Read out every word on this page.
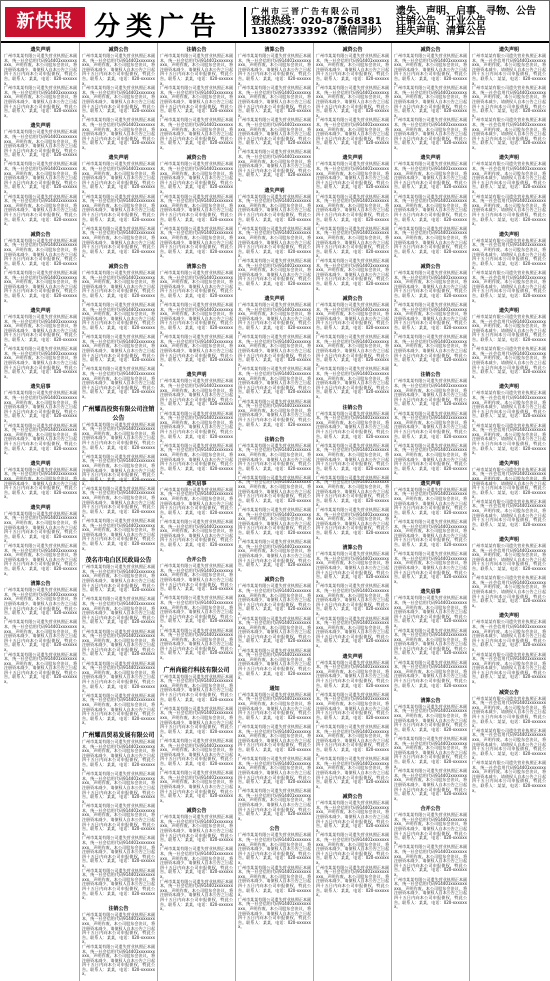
新快报 分类广告
广州市三晋广告有限公司
登报热线：020-87568381
13802733392（微信同步）
遗失、声明、启事、寻物、公告
注销公告、开业公告
挂失声明、清算公告
遗失声明
广州市某某有限公司遗失营业执照正本副本，统一社会信用代码914401xxxxxxxxxx，声明作废。本公司股东会决议，将注册资本减少，请债权人自本公告之日起四十五日内向本公司申报债权，特此公告。联系人：某某，电话：020-xxxxxxx。
广州市某某有限公司遗失营业执照正本副本，统一社会信用代码914401xxxxxxxxxx，声明作废。本公司股东会决议，将注册资本减少，请债权人自本公告之日起四十五日内向本公司申报债权，特此公告。联系人：某某，电话：020-xxxxxxx。
遗失声明
广州市某某有限公司遗失营业执照正本副本，统一社会信用代码914401xxxxxxxxxx，声明作废。本公司股东会决议，将注册资本减少，请债权人自本公告之日起四十五日内向本公司申报债权，特此公告。联系人：某某，电话：020-xxxxxxx。
广州市某某有限公司遗失营业执照正本副本，统一社会信用代码914401xxxxxxxxxx，声明作废。本公司股东会决议，将注册资本减少，请债权人自本公告之日起四十五日内向本公司申报债权，特此公告。联系人：某某，电话：020-xxxxxxx。
广州市某某有限公司遗失营业执照正本副本，统一社会信用代码914401xxxxxxxxxx，声明作废。本公司股东会决议，将注册资本减少，请债权人自本公告之日起四十五日内向本公司申报债权，特此公告。联系人：某某，电话：020-xxxxxxx。
减资公告
广州市某某有限公司遗失营业执照正本副本，统一社会信用代码914401xxxxxxxxxx，声明作废。本公司股东会决议，将注册资本减少，请债权人自本公告之日起四十五日内向本公司申报债权，特此公告。联系人：某某，电话：020-xxxxxxx。
广州市某某有限公司遗失营业执照正本副本，统一社会信用代码914401xxxxxxxxxx，声明作废。本公司股东会决议，将注册资本减少，请债权人自本公告之日起四十五日内向本公司申报债权，特此公告。联系人：某某，电话：020-xxxxxxx。
遗失声明
广州市某某有限公司遗失营业执照正本副本，统一社会信用代码914401xxxxxxxxxx，声明作废。本公司股东会决议，将注册资本减少，请债权人自本公告之日起四十五日内向本公司申报债权，特此公告。联系人：某某，电话：020-xxxxxxx。
广州市某某有限公司遗失营业执照正本副本，统一社会信用代码914401xxxxxxxxxx，声明作废。本公司股东会决议，将注册资本减少，请债权人自本公告之日起四十五日内向本公司申报债权，特此公告。联系人：某某，电话：020-xxxxxxx。
遗失启事
广州市某某有限公司遗失营业执照正本副本，统一社会信用代码914401xxxxxxxxxx，声明作废。本公司股东会决议，将注册资本减少，请债权人自本公告之日起四十五日内向本公司申报债权，特此公告。联系人：某某，电话：020-xxxxxxx。
广州市某某有限公司遗失营业执照正本副本，统一社会信用代码914401xxxxxxxxxx，声明作废。本公司股东会决议，将注册资本减少，请债权人自本公告之日起四十五日内向本公司申报债权，特此公告。联系人：某某，电话：020-xxxxxxx。
遗失声明
广州市某某有限公司遗失营业执照正本副本，统一社会信用代码914401xxxxxxxxxx，声明作废。本公司股东会决议，将注册资本减少，请债权人自本公告之日起四十五日内向本公司申报债权，特此公告。联系人：某某，电话：020-xxxxxxx。
遗失声明
广州市某某有限公司遗失营业执照正本副本，统一社会信用代码914401xxxxxxxxxx，声明作废。本公司股东会决议，将注册资本减少，请债权人自本公告之日起四十五日内向本公司申报债权，特此公告。联系人：某某，电话：020-xxxxxxx。
广州市某某有限公司遗失营业执照正本副本，统一社会信用代码914401xxxxxxxxxx，声明作废。本公司股东会决议，将注册资本减少，请债权人自本公告之日起四十五日内向本公司申报债权，特此公告。联系人：某某，电话：020-xxxxxxx。
清算公告
广州市某某有限公司遗失营业执照正本副本，统一社会信用代码914401xxxxxxxxxx，声明作废。本公司股东会决议，将注册资本减少，请债权人自本公告之日起四十五日内向本公司申报债权，特此公告。联系人：某某，电话：020-xxxxxxx。
广州市某某有限公司遗失营业执照正本副本，统一社会信用代码914401xxxxxxxxxx，声明作废。本公司股东会决议，将注册资本减少，请债权人自本公告之日起四十五日内向本公司申报债权，特此公告。联系人：某某，电话：020-xxxxxxx。
广州市某某有限公司遗失营业执照正本副本，统一社会信用代码914401xxxxxxxxxx，声明作废。本公司股东会决议，将注册资本减少，请债权人自本公告之日起四十五日内向本公司申报债权，特此公告。联系人：某某，电话：020-xxxxxxx。
减资公告
广州市某某有限公司遗失营业执照正本副本，统一社会信用代码914401xxxxxxxxxx，声明作废。本公司股东会决议，将注册资本减少，请债权人自本公告之日起四十五日内向本公司申报债权，特此公告。联系人：某某，电话：020-xxxxxxx。
广州市某某有限公司遗失营业执照正本副本，统一社会信用代码914401xxxxxxxxxx，声明作废。本公司股东会决议，将注册资本减少，请债权人自本公告之日起四十五日内向本公司申报债权，特此公告。联系人：某某，电话：020-xxxxxxx。
广州市某某有限公司遗失营业执照正本副本，统一社会信用代码914401xxxxxxxxxx，声明作废。本公司股东会决议，将注册资本减少，请债权人自本公告之日起四十五日内向本公司申报债权，特此公告。联系人：某某，电话：020-xxxxxxx。
遗失声明
广州市某某有限公司遗失营业执照正本副本，统一社会信用代码914401xxxxxxxxxx，声明作废。本公司股东会决议，将注册资本减少，请债权人自本公告之日起四十五日内向本公司申报债权，特此公告。联系人：某某，电话：020-xxxxxxx。
广州市某某有限公司遗失营业执照正本副本，统一社会信用代码914401xxxxxxxxxx，声明作废。本公司股东会决议，将注册资本减少，请债权人自本公告之日起四十五日内向本公司申报债权，特此公告。联系人：某某，电话：020-xxxxxxx。
广州市某某有限公司遗失营业执照正本副本，统一社会信用代码914401xxxxxxxxxx，声明作废。本公司股东会决议，将注册资本减少，请债权人自本公告之日起四十五日内向本公司申报债权，特此公告。联系人：某某，电话：020-xxxxxxx。
减资公告
广州市某某有限公司遗失营业执照正本副本，统一社会信用代码914401xxxxxxxxxx，声明作废。本公司股东会决议，将注册资本减少，请债权人自本公告之日起四十五日内向本公司申报债权，特此公告。联系人：某某，电话：020-xxxxxxx。
广州市某某有限公司遗失营业执照正本副本，统一社会信用代码914401xxxxxxxxxx，声明作废。本公司股东会决议，将注册资本减少，请债权人自本公告之日起四十五日内向本公司申报债权，特此公告。联系人：某某，电话：020-xxxxxxx。
广州市某某有限公司遗失营业执照正本副本，统一社会信用代码914401xxxxxxxxxx，声明作废。本公司股东会决议，将注册资本减少，请债权人自本公告之日起四十五日内向本公司申报债权，特此公告。联系人：某某，电话：020-xxxxxxx。
广州市某某有限公司遗失营业执照正本副本，统一社会信用代码914401xxxxxxxxxx，声明作废。本公司股东会决议，将注册资本减少，请债权人自本公告之日起四十五日内向本公司申报债权，特此公告。联系人：某某，电话：020-xxxxxxx。
广州耀昌投资有限公司注销公告
广州市某某有限公司遗失营业执照正本副本，统一社会信用代码914401xxxxxxxxxx，声明作废。本公司股东会决议，将注册资本减少，请债权人自本公告之日起四十五日内向本公司申报债权，特此公告。联系人：某某，电话：020-xxxxxxx。
广州市某某有限公司遗失营业执照正本副本，统一社会信用代码914401xxxxxxxxxx，声明作废。本公司股东会决议，将注册资本减少，请债权人自本公告之日起四十五日内向本公司申报债权，特此公告。联系人：某某，电话：020-xxxxxxx。
广州市某某有限公司遗失营业执照正本副本，统一社会信用代码914401xxxxxxxxxx，声明作废。本公司股东会决议，将注册资本减少，请债权人自本公告之日起四十五日内向本公司申报债权，特此公告。联系人：某某，电话：020-xxxxxxx。
广州市某某有限公司遗失营业执照正本副本，统一社会信用代码914401xxxxxxxxxx，声明作废。本公司股东会决议，将注册资本减少，请债权人自本公告之日起四十五日内向本公司申报债权，特此公告。联系人：某某，电话：020-xxxxxxx。
茂名市电白区民政局公告
广州市某某有限公司遗失营业执照正本副本，统一社会信用代码914401xxxxxxxxxx，声明作废。本公司股东会决议，将注册资本减少，请债权人自本公告之日起四十五日内向本公司申报债权，特此公告。联系人：某某，电话：020-xxxxxxx。
广州市某某有限公司遗失营业执照正本副本，统一社会信用代码914401xxxxxxxxxx，声明作废。本公司股东会决议，将注册资本减少，请债权人自本公告之日起四十五日内向本公司申报债权，特此公告。联系人：某某，电话：020-xxxxxxx。
广州市某某有限公司遗失营业执照正本副本，统一社会信用代码914401xxxxxxxxxx，声明作废。本公司股东会决议，将注册资本减少，请债权人自本公告之日起四十五日内向本公司申报债权，特此公告。联系人：某某，电话：020-xxxxxxx。
广州市某某有限公司遗失营业执照正本副本，统一社会信用代码914401xxxxxxxxxx，声明作废。本公司股东会决议，将注册资本减少，请债权人自本公告之日起四十五日内向本公司申报债权，特此公告。联系人：某某，电话：020-xxxxxxx。
广州市某某有限公司遗失营业执照正本副本，统一社会信用代码914401xxxxxxxxxx，声明作废。本公司股东会决议，将注册资本减少，请债权人自本公告之日起四十五日内向本公司申报债权，特此公告。联系人：某某，电话：020-xxxxxxx。
广州耀昌贸易发展有限公司
广州市某某有限公司遗失营业执照正本副本，统一社会信用代码914401xxxxxxxxxx，声明作废。本公司股东会决议，将注册资本减少，请债权人自本公告之日起四十五日内向本公司申报债权，特此公告。联系人：某某，电话：020-xxxxxxx。
广州市某某有限公司遗失营业执照正本副本，统一社会信用代码914401xxxxxxxxxx，声明作废。本公司股东会决议，将注册资本减少，请债权人自本公告之日起四十五日内向本公司申报债权，特此公告。联系人：某某，电话：020-xxxxxxx。
广州市某某有限公司遗失营业执照正本副本，统一社会信用代码914401xxxxxxxxxx，声明作废。本公司股东会决议，将注册资本减少，请债权人自本公告之日起四十五日内向本公司申报债权，特此公告。联系人：某某，电话：020-xxxxxxx。
广州市某某有限公司遗失营业执照正本副本，统一社会信用代码914401xxxxxxxxxx，声明作废。本公司股东会决议，将注册资本减少，请债权人自本公告之日起四十五日内向本公司申报债权，特此公告。联系人：某某，电话：020-xxxxxxx。
广州市某某有限公司遗失营业执照正本副本，统一社会信用代码914401xxxxxxxxxx，声明作废。本公司股东会决议，将注册资本减少，请债权人自本公告之日起四十五日内向本公司申报债权，特此公告。联系人：某某，电话：020-xxxxxxx。
注销公告
广州市某某有限公司遗失营业执照正本副本，统一社会信用代码914401xxxxxxxxxx，声明作废。本公司股东会决议，将注册资本减少，请债权人自本公告之日起四十五日内向本公司申报债权，特此公告。联系人：某某，电话：020-xxxxxxx。
广州市某某有限公司遗失营业执照正本副本，统一社会信用代码914401xxxxxxxxxx，声明作废。本公司股东会决议，将注册资本减少，请债权人自本公告之日起四十五日内向本公司申报债权，特此公告。联系人：某某，电话：020-xxxxxxx。
注销公告
广州市某某有限公司遗失营业执照正本副本，统一社会信用代码914401xxxxxxxxxx，声明作废。本公司股东会决议，将注册资本减少，请债权人自本公告之日起四十五日内向本公司申报债权，特此公告。联系人：某某，电话：020-xxxxxxx。
广州市某某有限公司遗失营业执照正本副本，统一社会信用代码914401xxxxxxxxxx，声明作废。本公司股东会决议，将注册资本减少，请债权人自本公告之日起四十五日内向本公司申报债权，特此公告。联系人：某某，电话：020-xxxxxxx。
广州市某某有限公司遗失营业执照正本副本，统一社会信用代码914401xxxxxxxxxx，声明作废。本公司股东会决议，将注册资本减少，请债权人自本公告之日起四十五日内向本公司申报债权，特此公告。联系人：某某，电话：020-xxxxxxx。
减资公告
广州市某某有限公司遗失营业执照正本副本，统一社会信用代码914401xxxxxxxxxx，声明作废。本公司股东会决议，将注册资本减少，请债权人自本公告之日起四十五日内向本公司申报债权，特此公告。联系人：某某，电话：020-xxxxxxx。
广州市某某有限公司遗失营业执照正本副本，统一社会信用代码914401xxxxxxxxxx，声明作废。本公司股东会决议，将注册资本减少，请债权人自本公告之日起四十五日内向本公司申报债权，特此公告。联系人：某某，电话：020-xxxxxxx。
广州市某某有限公司遗失营业执照正本副本，统一社会信用代码914401xxxxxxxxxx，声明作废。本公司股东会决议，将注册资本减少，请债权人自本公告之日起四十五日内向本公司申报债权，特此公告。联系人：某某，电话：020-xxxxxxx。
清算公告
广州市某某有限公司遗失营业执照正本副本，统一社会信用代码914401xxxxxxxxxx，声明作废。本公司股东会决议，将注册资本减少，请债权人自本公告之日起四十五日内向本公司申报债权，特此公告。联系人：某某，电话：020-xxxxxxx。
广州市某某有限公司遗失营业执照正本副本，统一社会信用代码914401xxxxxxxxxx，声明作废。本公司股东会决议，将注册资本减少，请债权人自本公告之日起四十五日内向本公司申报债权，特此公告。联系人：某某，电话：020-xxxxxxx。
广州市某某有限公司遗失营业执照正本副本，统一社会信用代码914401xxxxxxxxxx，声明作废。本公司股东会决议，将注册资本减少，请债权人自本公告之日起四十五日内向本公司申报债权，特此公告。联系人：某某，电话：020-xxxxxxx。
遗失声明
广州市某某有限公司遗失营业执照正本副本，统一社会信用代码914401xxxxxxxxxx，声明作废。本公司股东会决议，将注册资本减少，请债权人自本公告之日起四十五日内向本公司申报债权，特此公告。联系人：某某，电话：020-xxxxxxx。
广州市某某有限公司遗失营业执照正本副本，统一社会信用代码914401xxxxxxxxxx，声明作废。本公司股东会决议，将注册资本减少，请债权人自本公告之日起四十五日内向本公司申报债权，特此公告。联系人：某某，电话：020-xxxxxxx。
广州市某某有限公司遗失营业执照正本副本，统一社会信用代码914401xxxxxxxxxx，声明作废。本公司股东会决议，将注册资本减少，请债权人自本公告之日起四十五日内向本公司申报债权，特此公告。联系人：某某，电话：020-xxxxxxx。
遗失启事
广州市某某有限公司遗失营业执照正本副本，统一社会信用代码914401xxxxxxxxxx，声明作废。本公司股东会决议，将注册资本减少，请债权人自本公告之日起四十五日内向本公司申报债权，特此公告。联系人：某某，电话：020-xxxxxxx。
广州市某某有限公司遗失营业执照正本副本，统一社会信用代码914401xxxxxxxxxx，声明作废。本公司股东会决议，将注册资本减少，请债权人自本公告之日起四十五日内向本公司申报债权，特此公告。联系人：某某，电话：020-xxxxxxx。
合并公告
广州市某某有限公司遗失营业执照正本副本，统一社会信用代码914401xxxxxxxxxx，声明作废。本公司股东会决议，将注册资本减少，请债权人自本公告之日起四十五日内向本公司申报债权，特此公告。联系人：某某，电话：020-xxxxxxx。
广州市某某有限公司遗失营业执照正本副本，统一社会信用代码914401xxxxxxxxxx，声明作废。本公司股东会决议，将注册资本减少，请债权人自本公告之日起四十五日内向本公司申报债权，特此公告。联系人：某某，电话：020-xxxxxxx。
广州市某某有限公司遗失营业执照正本副本，统一社会信用代码914401xxxxxxxxxx，声明作废。本公司股东会决议，将注册资本减少，请债权人自本公告之日起四十五日内向本公司申报债权，特此公告。联系人：某某，电话：020-xxxxxxx。
广州尚能行科技有限公司
广州市某某有限公司遗失营业执照正本副本，统一社会信用代码914401xxxxxxxxxx，声明作废。本公司股东会决议，将注册资本减少，请债权人自本公告之日起四十五日内向本公司申报债权，特此公告。联系人：某某，电话：020-xxxxxxx。
广州市某某有限公司遗失营业执照正本副本，统一社会信用代码914401xxxxxxxxxx，声明作废。本公司股东会决议，将注册资本减少，请债权人自本公告之日起四十五日内向本公司申报债权，特此公告。联系人：某某，电话：020-xxxxxxx。
广州市某某有限公司遗失营业执照正本副本，统一社会信用代码914401xxxxxxxxxx，声明作废。本公司股东会决议，将注册资本减少，请债权人自本公告之日起四十五日内向本公司申报债权，特此公告。联系人：某某，电话：020-xxxxxxx。
广州市某某有限公司遗失营业执照正本副本，统一社会信用代码914401xxxxxxxxxx，声明作废。本公司股东会决议，将注册资本减少，请债权人自本公告之日起四十五日内向本公司申报债权，特此公告。联系人：某某，电话：020-xxxxxxx。
减资公告
广州市某某有限公司遗失营业执照正本副本，统一社会信用代码914401xxxxxxxxxx，声明作废。本公司股东会决议，将注册资本减少，请债权人自本公告之日起四十五日内向本公司申报债权，特此公告。联系人：某某，电话：020-xxxxxxx。
广州市某某有限公司遗失营业执照正本副本，统一社会信用代码914401xxxxxxxxxx，声明作废。本公司股东会决议，将注册资本减少，请债权人自本公告之日起四十五日内向本公司申报债权，特此公告。联系人：某某，电话：020-xxxxxxx。
广州市某某有限公司遗失营业执照正本副本，统一社会信用代码914401xxxxxxxxxx，声明作废。本公司股东会决议，将注册资本减少，请债权人自本公告之日起四十五日内向本公司申报债权，特此公告。联系人：某某，电话：020-xxxxxxx。
清算公告
广州市某某有限公司遗失营业执照正本副本，统一社会信用代码914401xxxxxxxxxx，声明作废。本公司股东会决议，将注册资本减少，请债权人自本公告之日起四十五日内向本公司申报债权，特此公告。联系人：某某，电话：020-xxxxxxx。
广州市某某有限公司遗失营业执照正本副本，统一社会信用代码914401xxxxxxxxxx，声明作废。本公司股东会决议，将注册资本减少，请债权人自本公告之日起四十五日内向本公司申报债权，特此公告。联系人：某某，电话：020-xxxxxxx。
广州市某某有限公司遗失营业执照正本副本，统一社会信用代码914401xxxxxxxxxx，声明作废。本公司股东会决议，将注册资本减少，请债权人自本公告之日起四十五日内向本公司申报债权，特此公告。联系人：某某，电话：020-xxxxxxx。
广州市某某有限公司遗失营业执照正本副本，统一社会信用代码914401xxxxxxxxxx，声明作废。本公司股东会决议，将注册资本减少，请债权人自本公告之日起四十五日内向本公司申报债权，特此公告。联系人：某某，电话：020-xxxxxxx。
遗失声明
广州市某某有限公司遗失营业执照正本副本，统一社会信用代码914401xxxxxxxxxx，声明作废。本公司股东会决议，将注册资本减少，请债权人自本公告之日起四十五日内向本公司申报债权，特此公告。联系人：某某，电话：020-xxxxxxx。
广州市某某有限公司遗失营业执照正本副本，统一社会信用代码914401xxxxxxxxxx，声明作废。本公司股东会决议，将注册资本减少，请债权人自本公告之日起四十五日内向本公司申报债权，特此公告。联系人：某某，电话：020-xxxxxxx。
广州市某某有限公司遗失营业执照正本副本，统一社会信用代码914401xxxxxxxxxx，声明作废。本公司股东会决议，将注册资本减少，请债权人自本公告之日起四十五日内向本公司申报债权，特此公告。联系人：某某，电话：020-xxxxxxx。
遗失声明
广州市某某有限公司遗失营业执照正本副本，统一社会信用代码914401xxxxxxxxxx，声明作废。本公司股东会决议，将注册资本减少，请债权人自本公告之日起四十五日内向本公司申报债权，特此公告。联系人：某某，电话：020-xxxxxxx。
广州市某某有限公司遗失营业执照正本副本，统一社会信用代码914401xxxxxxxxxx，声明作废。本公司股东会决议，将注册资本减少，请债权人自本公告之日起四十五日内向本公司申报债权，特此公告。联系人：某某，电话：020-xxxxxxx。
广州市某某有限公司遗失营业执照正本副本，统一社会信用代码914401xxxxxxxxxx，声明作废。本公司股东会决议，将注册资本减少，请债权人自本公告之日起四十五日内向本公司申报债权，特此公告。联系人：某某，电话：020-xxxxxxx。
广州市某某有限公司遗失营业执照正本副本，统一社会信用代码914401xxxxxxxxxx，声明作废。本公司股东会决议，将注册资本减少，请债权人自本公告之日起四十五日内向本公司申报债权，特此公告。联系人：某某，电话：020-xxxxxxx。
注销公告
广州市某某有限公司遗失营业执照正本副本，统一社会信用代码914401xxxxxxxxxx，声明作废。本公司股东会决议，将注册资本减少，请债权人自本公告之日起四十五日内向本公司申报债权，特此公告。联系人：某某，电话：020-xxxxxxx。
广州市某某有限公司遗失营业执照正本副本，统一社会信用代码914401xxxxxxxxxx，声明作废。本公司股东会决议，将注册资本减少，请债权人自本公告之日起四十五日内向本公司申报债权，特此公告。联系人：某某，电话：020-xxxxxxx。
广州市某某有限公司遗失营业执照正本副本，统一社会信用代码914401xxxxxxxxxx，声明作废。本公司股东会决议，将注册资本减少，请债权人自本公告之日起四十五日内向本公司申报债权，特此公告。联系人：某某，电话：020-xxxxxxx。
广州市某某有限公司遗失营业执照正本副本，统一社会信用代码914401xxxxxxxxxx，声明作废。本公司股东会决议，将注册资本减少，请债权人自本公告之日起四十五日内向本公司申报债权，特此公告。联系人：某某，电话：020-xxxxxxx。
减资公告
广州市某某有限公司遗失营业执照正本副本，统一社会信用代码914401xxxxxxxxxx，声明作废。本公司股东会决议，将注册资本减少，请债权人自本公告之日起四十五日内向本公司申报债权，特此公告。联系人：某某，电话：020-xxxxxxx。
广州市某某有限公司遗失营业执照正本副本，统一社会信用代码914401xxxxxxxxxx，声明作废。本公司股东会决议，将注册资本减少，请债权人自本公告之日起四十五日内向本公司申报债权，特此公告。联系人：某某，电话：020-xxxxxxx。
广州市某某有限公司遗失营业执照正本副本，统一社会信用代码914401xxxxxxxxxx，声明作废。本公司股东会决议，将注册资本减少，请债权人自本公告之日起四十五日内向本公司申报债权，特此公告。联系人：某某，电话：020-xxxxxxx。
通知
广州市某某有限公司遗失营业执照正本副本，统一社会信用代码914401xxxxxxxxxx，声明作废。本公司股东会决议，将注册资本减少，请债权人自本公告之日起四十五日内向本公司申报债权，特此公告。联系人：某某，电话：020-xxxxxxx。
广州市某某有限公司遗失营业执照正本副本，统一社会信用代码914401xxxxxxxxxx，声明作废。本公司股东会决议，将注册资本减少，请债权人自本公告之日起四十五日内向本公司申报债权，特此公告。联系人：某某，电话：020-xxxxxxx。
广州市某某有限公司遗失营业执照正本副本，统一社会信用代码914401xxxxxxxxxx，声明作废。本公司股东会决议，将注册资本减少，请债权人自本公告之日起四十五日内向本公司申报债权，特此公告。联系人：某某，电话：020-xxxxxxx。
广州市某某有限公司遗失营业执照正本副本，统一社会信用代码914401xxxxxxxxxx，声明作废。本公司股东会决议，将注册资本减少，请债权人自本公告之日起四十五日内向本公司申报债权，特此公告。联系人：某某，电话：020-xxxxxxx。
公告
广州市某某有限公司遗失营业执照正本副本，统一社会信用代码914401xxxxxxxxxx，声明作废。本公司股东会决议，将注册资本减少，请债权人自本公告之日起四十五日内向本公司申报债权，特此公告。联系人：某某，电话：020-xxxxxxx。
广州市某某有限公司遗失营业执照正本副本，统一社会信用代码914401xxxxxxxxxx，声明作废。本公司股东会决议，将注册资本减少，请债权人自本公告之日起四十五日内向本公司申报债权，特此公告。联系人：某某，电话：020-xxxxxxx。
广州市某某有限公司遗失营业执照正本副本，统一社会信用代码914401xxxxxxxxxx，声明作废。本公司股东会决议，将注册资本减少，请债权人自本公告之日起四十五日内向本公司申报债权，特此公告。联系人：某某，电话：020-xxxxxxx。
减资公告
广州市某某有限公司遗失营业执照正本副本，统一社会信用代码914401xxxxxxxxxx，声明作废。本公司股东会决议，将注册资本减少，请债权人自本公告之日起四十五日内向本公司申报债权，特此公告。联系人：某某，电话：020-xxxxxxx。
广州市某某有限公司遗失营业执照正本副本，统一社会信用代码914401xxxxxxxxxx，声明作废。本公司股东会决议，将注册资本减少，请债权人自本公告之日起四十五日内向本公司申报债权，特此公告。联系人：某某，电话：020-xxxxxxx。
广州市某某有限公司遗失营业执照正本副本，统一社会信用代码914401xxxxxxxxxx，声明作废。本公司股东会决议，将注册资本减少，请债权人自本公告之日起四十五日内向本公司申报债权，特此公告。联系人：某某，电话：020-xxxxxxx。
遗失声明
广州市某某有限公司遗失营业执照正本副本，统一社会信用代码914401xxxxxxxxxx，声明作废。本公司股东会决议，将注册资本减少，请债权人自本公告之日起四十五日内向本公司申报债权，特此公告。联系人：某某，电话：020-xxxxxxx。
广州市某某有限公司遗失营业执照正本副本，统一社会信用代码914401xxxxxxxxxx，声明作废。本公司股东会决议，将注册资本减少，请债权人自本公告之日起四十五日内向本公司申报债权，特此公告。联系人：某某，电话：020-xxxxxxx。
广州市某某有限公司遗失营业执照正本副本，统一社会信用代码914401xxxxxxxxxx，声明作废。本公司股东会决议，将注册资本减少，请债权人自本公告之日起四十五日内向本公司申报债权，特此公告。联系人：某某，电话：020-xxxxxxx。
广州市某某有限公司遗失营业执照正本副本，统一社会信用代码914401xxxxxxxxxx，声明作废。本公司股东会决议，将注册资本减少，请债权人自本公告之日起四十五日内向本公司申报债权，特此公告。联系人：某某，电话：020-xxxxxxx。
减资公告
广州市某某有限公司遗失营业执照正本副本，统一社会信用代码914401xxxxxxxxxx，声明作废。本公司股东会决议，将注册资本减少，请债权人自本公告之日起四十五日内向本公司申报债权，特此公告。联系人：某某，电话：020-xxxxxxx。
广州市某某有限公司遗失营业执照正本副本，统一社会信用代码914401xxxxxxxxxx，声明作废。本公司股东会决议，将注册资本减少，请债权人自本公告之日起四十五日内向本公司申报债权，特此公告。联系人：某某，电话：020-xxxxxxx。
广州市某某有限公司遗失营业执照正本副本，统一社会信用代码914401xxxxxxxxxx，声明作废。本公司股东会决议，将注册资本减少，请债权人自本公告之日起四十五日内向本公司申报债权，特此公告。联系人：某某，电话：020-xxxxxxx。
注销公告
广州市某某有限公司遗失营业执照正本副本，统一社会信用代码914401xxxxxxxxxx，声明作废。本公司股东会决议，将注册资本减少，请债权人自本公告之日起四十五日内向本公司申报债权，特此公告。联系人：某某，电话：020-xxxxxxx。
广州市某某有限公司遗失营业执照正本副本，统一社会信用代码914401xxxxxxxxxx，声明作废。本公司股东会决议，将注册资本减少，请债权人自本公告之日起四十五日内向本公司申报债权，特此公告。联系人：某某，电话：020-xxxxxxx。
广州市某某有限公司遗失营业执照正本副本，统一社会信用代码914401xxxxxxxxxx，声明作废。本公司股东会决议，将注册资本减少，请债权人自本公告之日起四十五日内向本公司申报债权，特此公告。联系人：某某，电话：020-xxxxxxx。
广州市某某有限公司遗失营业执照正本副本，统一社会信用代码914401xxxxxxxxxx，声明作废。本公司股东会决议，将注册资本减少，请债权人自本公告之日起四十五日内向本公司申报债权，特此公告。联系人：某某，电话：020-xxxxxxx。
清算公告
广州市某某有限公司遗失营业执照正本副本，统一社会信用代码914401xxxxxxxxxx，声明作废。本公司股东会决议，将注册资本减少，请债权人自本公告之日起四十五日内向本公司申报债权，特此公告。联系人：某某，电话：020-xxxxxxx。
广州市某某有限公司遗失营业执照正本副本，统一社会信用代码914401xxxxxxxxxx，声明作废。本公司股东会决议，将注册资本减少，请债权人自本公告之日起四十五日内向本公司申报债权，特此公告。联系人：某某，电话：020-xxxxxxx。
广州市某某有限公司遗失营业执照正本副本，统一社会信用代码914401xxxxxxxxxx，声明作废。本公司股东会决议，将注册资本减少，请债权人自本公告之日起四十五日内向本公司申报债权，特此公告。联系人：某某，电话：020-xxxxxxx。
遗失声明
广州市某某有限公司遗失营业执照正本副本，统一社会信用代码914401xxxxxxxxxx，声明作废。本公司股东会决议，将注册资本减少，请债权人自本公告之日起四十五日内向本公司申报债权，特此公告。联系人：某某，电话：020-xxxxxxx。
广州市某某有限公司遗失营业执照正本副本，统一社会信用代码914401xxxxxxxxxx，声明作废。本公司股东会决议，将注册资本减少，请债权人自本公告之日起四十五日内向本公司申报债权，特此公告。联系人：某某，电话：020-xxxxxxx。
广州市某某有限公司遗失营业执照正本副本，统一社会信用代码914401xxxxxxxxxx，声明作废。本公司股东会决议，将注册资本减少，请债权人自本公告之日起四十五日内向本公司申报债权，特此公告。联系人：某某，电话：020-xxxxxxx。
广州市某某有限公司遗失营业执照正本副本，统一社会信用代码914401xxxxxxxxxx，声明作废。本公司股东会决议，将注册资本减少，请债权人自本公告之日起四十五日内向本公司申报债权，特此公告。联系人：某某，电话：020-xxxxxxx。
减资公告
广州市某某有限公司遗失营业执照正本副本，统一社会信用代码914401xxxxxxxxxx，声明作废。本公司股东会决议，将注册资本减少，请债权人自本公告之日起四十五日内向本公司申报债权，特此公告。联系人：某某，电话：020-xxxxxxx。
广州市某某有限公司遗失营业执照正本副本，统一社会信用代码914401xxxxxxxxxx，声明作废。本公司股东会决议，将注册资本减少，请债权人自本公告之日起四十五日内向本公司申报债权，特此公告。联系人：某某，电话：020-xxxxxxx。
广州市某某有限公司遗失营业执照正本副本，统一社会信用代码914401xxxxxxxxxx，声明作废。本公司股东会决议，将注册资本减少，请债权人自本公告之日起四十五日内向本公司申报债权，特此公告。联系人：某某，电话：020-xxxxxxx。
减资公告
广州市某某有限公司遗失营业执照正本副本，统一社会信用代码914401xxxxxxxxxx，声明作废。本公司股东会决议，将注册资本减少，请债权人自本公告之日起四十五日内向本公司申报债权，特此公告。联系人：某某，电话：020-xxxxxxx。
广州市某某有限公司遗失营业执照正本副本，统一社会信用代码914401xxxxxxxxxx，声明作废。本公司股东会决议，将注册资本减少，请债权人自本公告之日起四十五日内向本公司申报债权，特此公告。联系人：某某，电话：020-xxxxxxx。
广州市某某有限公司遗失营业执照正本副本，统一社会信用代码914401xxxxxxxxxx，声明作废。本公司股东会决议，将注册资本减少，请债权人自本公告之日起四十五日内向本公司申报债权，特此公告。联系人：某某，电话：020-xxxxxxx。
遗失声明
广州市某某有限公司遗失营业执照正本副本，统一社会信用代码914401xxxxxxxxxx，声明作废。本公司股东会决议，将注册资本减少，请债权人自本公告之日起四十五日内向本公司申报债权，特此公告。联系人：某某，电话：020-xxxxxxx。
广州市某某有限公司遗失营业执照正本副本，统一社会信用代码914401xxxxxxxxxx，声明作废。本公司股东会决议，将注册资本减少，请债权人自本公告之日起四十五日内向本公司申报债权，特此公告。联系人：某某，电话：020-xxxxxxx。
广州市某某有限公司遗失营业执照正本副本，统一社会信用代码914401xxxxxxxxxx，声明作废。本公司股东会决议，将注册资本减少，请债权人自本公告之日起四十五日内向本公司申报债权，特此公告。联系人：某某，电话：020-xxxxxxx。
减资公告
广州市某某有限公司遗失营业执照正本副本，统一社会信用代码914401xxxxxxxxxx，声明作废。本公司股东会决议，将注册资本减少，请债权人自本公告之日起四十五日内向本公司申报债权，特此公告。联系人：某某，电话：020-xxxxxxx。
广州市某某有限公司遗失营业执照正本副本，统一社会信用代码914401xxxxxxxxxx，声明作废。本公司股东会决议，将注册资本减少，请债权人自本公告之日起四十五日内向本公司申报债权，特此公告。联系人：某某，电话：020-xxxxxxx。
广州市某某有限公司遗失营业执照正本副本，统一社会信用代码914401xxxxxxxxxx，声明作废。本公司股东会决议，将注册资本减少，请债权人自本公告之日起四十五日内向本公司申报债权，特此公告。联系人：某某，电话：020-xxxxxxx。
注销公告
广州市某某有限公司遗失营业执照正本副本，统一社会信用代码914401xxxxxxxxxx，声明作废。本公司股东会决议，将注册资本减少，请债权人自本公告之日起四十五日内向本公司申报债权，特此公告。联系人：某某，电话：020-xxxxxxx。
广州市某某有限公司遗失营业执照正本副本，统一社会信用代码914401xxxxxxxxxx，声明作废。本公司股东会决议，将注册资本减少，请债权人自本公告之日起四十五日内向本公司申报债权，特此公告。联系人：某某，电话：020-xxxxxxx。
广州市某某有限公司遗失营业执照正本副本，统一社会信用代码914401xxxxxxxxxx，声明作废。本公司股东会决议，将注册资本减少，请债权人自本公告之日起四十五日内向本公司申报债权，特此公告。联系人：某某，电话：020-xxxxxxx。
遗失声明
广州市某某有限公司遗失营业执照正本副本，统一社会信用代码914401xxxxxxxxxx，声明作废。本公司股东会决议，将注册资本减少，请债权人自本公告之日起四十五日内向本公司申报债权，特此公告。联系人：某某，电话：020-xxxxxxx。
广州市某某有限公司遗失营业执照正本副本，统一社会信用代码914401xxxxxxxxxx，声明作废。本公司股东会决议，将注册资本减少，请债权人自本公告之日起四十五日内向本公司申报债权，特此公告。联系人：某某，电话：020-xxxxxxx。
广州市某某有限公司遗失营业执照正本副本，统一社会信用代码914401xxxxxxxxxx，声明作废。本公司股东会决议，将注册资本减少，请债权人自本公告之日起四十五日内向本公司申报债权，特此公告。联系人：某某，电话：020-xxxxxxx。
遗失启事
广州市某某有限公司遗失营业执照正本副本，统一社会信用代码914401xxxxxxxxxx，声明作废。本公司股东会决议，将注册资本减少，请债权人自本公告之日起四十五日内向本公司申报债权，特此公告。联系人：某某，电话：020-xxxxxxx。
广州市某某有限公司遗失营业执照正本副本，统一社会信用代码914401xxxxxxxxxx，声明作废。本公司股东会决议，将注册资本减少，请债权人自本公告之日起四十五日内向本公司申报债权，特此公告。联系人：某某，电话：020-xxxxxxx。
广州市某某有限公司遗失营业执照正本副本，统一社会信用代码914401xxxxxxxxxx，声明作废。本公司股东会决议，将注册资本减少，请债权人自本公告之日起四十五日内向本公司申报债权，特此公告。联系人：某某，电话：020-xxxxxxx。
清算公告
广州市某某有限公司遗失营业执照正本副本，统一社会信用代码914401xxxxxxxxxx，声明作废。本公司股东会决议，将注册资本减少，请债权人自本公告之日起四十五日内向本公司申报债权，特此公告。联系人：某某，电话：020-xxxxxxx。
广州市某某有限公司遗失营业执照正本副本，统一社会信用代码914401xxxxxxxxxx，声明作废。本公司股东会决议，将注册资本减少，请债权人自本公告之日起四十五日内向本公司申报债权，特此公告。联系人：某某，电话：020-xxxxxxx。
广州市某某有限公司遗失营业执照正本副本，统一社会信用代码914401xxxxxxxxxx，声明作废。本公司股东会决议，将注册资本减少，请债权人自本公告之日起四十五日内向本公司申报债权，特此公告。联系人：某某，电话：020-xxxxxxx。
合并公告
广州市某某有限公司遗失营业执照正本副本，统一社会信用代码914401xxxxxxxxxx，声明作废。本公司股东会决议，将注册资本减少，请债权人自本公告之日起四十五日内向本公司申报债权，特此公告。联系人：某某，电话：020-xxxxxxx。
广州市某某有限公司遗失营业执照正本副本，统一社会信用代码914401xxxxxxxxxx，声明作废。本公司股东会决议，将注册资本减少，请债权人自本公告之日起四十五日内向本公司申报债权，特此公告。联系人：某某，电话：020-xxxxxxx。
广州市某某有限公司遗失营业执照正本副本，统一社会信用代码914401xxxxxxxxxx，声明作废。本公司股东会决议，将注册资本减少，请债权人自本公告之日起四十五日内向本公司申报债权，特此公告。联系人：某某，电话：020-xxxxxxx。
遗失声明
广州市某某有限公司遗失营业执照正本副本，统一社会信用代码914401xxxxxxxxxx，声明作废。本公司股东会决议，将注册资本减少，请债权人自本公告之日起四十五日内向本公司申报债权，特此公告。联系人：某某，电话：020-xxxxxxx。
广州市某某有限公司遗失营业执照正本副本，统一社会信用代码914401xxxxxxxxxx，声明作废。本公司股东会决议，将注册资本减少，请债权人自本公告之日起四十五日内向本公司申报债权，特此公告。联系人：某某，电话：020-xxxxxxx。
广州市某某有限公司遗失营业执照正本副本，统一社会信用代码914401xxxxxxxxxx，声明作废。本公司股东会决议，将注册资本减少，请债权人自本公告之日起四十五日内向本公司申报债权，特此公告。联系人：某某，电话：020-xxxxxxx。
遗失声明
广州市某某有限公司遗失营业执照正本副本，统一社会信用代码914401xxxxxxxxxx，声明作废。本公司股东会决议，将注册资本减少，请债权人自本公告之日起四十五日内向本公司申报债权，特此公告。联系人：某某，电话：020-xxxxxxx。
广州市某某有限公司遗失营业执照正本副本，统一社会信用代码914401xxxxxxxxxx，声明作废。本公司股东会决议，将注册资本减少，请债权人自本公告之日起四十五日内向本公司申报债权，特此公告。联系人：某某，电话：020-xxxxxxx。
遗失声明
广州市某某有限公司遗失营业执照正本副本，统一社会信用代码914401xxxxxxxxxx，声明作废。本公司股东会决议，将注册资本减少，请债权人自本公告之日起四十五日内向本公司申报债权，特此公告。联系人：某某，电话：020-xxxxxxx。
广州市某某有限公司遗失营业执照正本副本，统一社会信用代码914401xxxxxxxxxx，声明作废。本公司股东会决议，将注册资本减少，请债权人自本公告之日起四十五日内向本公司申报债权，特此公告。联系人：某某，电话：020-xxxxxxx。
遗失声明
广州市某某有限公司遗失营业执照正本副本，统一社会信用代码914401xxxxxxxxxx，声明作废。本公司股东会决议，将注册资本减少，请债权人自本公告之日起四十五日内向本公司申报债权，特此公告。联系人：某某，电话：020-xxxxxxx。
广州市某某有限公司遗失营业执照正本副本，统一社会信用代码914401xxxxxxxxxx，声明作废。本公司股东会决议，将注册资本减少，请债权人自本公告之日起四十五日内向本公司申报债权，特此公告。联系人：某某，电话：020-xxxxxxx。
遗失声明
广州市某某有限公司遗失营业执照正本副本，统一社会信用代码914401xxxxxxxxxx，声明作废。本公司股东会决议，将注册资本减少，请债权人自本公告之日起四十五日内向本公司申报债权，特此公告。联系人：某某，电话：020-xxxxxxx。
广州市某某有限公司遗失营业执照正本副本，统一社会信用代码914401xxxxxxxxxx，声明作废。本公司股东会决议，将注册资本减少，请债权人自本公告之日起四十五日内向本公司申报债权，特此公告。联系人：某某，电话：020-xxxxxxx。
遗失声明
广州市某某有限公司遗失营业执照正本副本，统一社会信用代码914401xxxxxxxxxx，声明作废。本公司股东会决议，将注册资本减少，请债权人自本公告之日起四十五日内向本公司申报债权，特此公告。联系人：某某，电话：020-xxxxxxx。
广州市某某有限公司遗失营业执照正本副本，统一社会信用代码914401xxxxxxxxxx，声明作废。本公司股东会决议，将注册资本减少，请债权人自本公告之日起四十五日内向本公司申报债权，特此公告。联系人：某某，电话：020-xxxxxxx。
遗失声明
广州市某某有限公司遗失营业执照正本副本，统一社会信用代码914401xxxxxxxxxx，声明作废。本公司股东会决议，将注册资本减少，请债权人自本公告之日起四十五日内向本公司申报债权，特此公告。联系人：某某，电话：020-xxxxxxx。
广州市某某有限公司遗失营业执照正本副本，统一社会信用代码914401xxxxxxxxxx，声明作废。本公司股东会决议，将注册资本减少，请债权人自本公告之日起四十五日内向本公司申报债权，特此公告。联系人：某某，电话：020-xxxxxxx。
遗失声明
广州市某某有限公司遗失营业执照正本副本，统一社会信用代码914401xxxxxxxxxx，声明作废。本公司股东会决议，将注册资本减少，请债权人自本公告之日起四十五日内向本公司申报债权，特此公告。联系人：某某，电话：020-xxxxxxx。
广州市某某有限公司遗失营业执照正本副本，统一社会信用代码914401xxxxxxxxxx，声明作废。本公司股东会决议，将注册资本减少，请债权人自本公告之日起四十五日内向本公司申报债权，特此公告。联系人：某某，电话：020-xxxxxxx。
减资公告
广州市某某有限公司遗失营业执照正本副本，统一社会信用代码914401xxxxxxxxxx，声明作废。本公司股东会决议，将注册资本减少，请债权人自本公告之日起四十五日内向本公司申报债权，特此公告。联系人：某某，电话：020-xxxxxxx。
广州市某某有限公司遗失营业执照正本副本，统一社会信用代码914401xxxxxxxxxx，声明作废。本公司股东会决议，将注册资本减少，请债权人自本公告之日起四十五日内向本公司申报债权，特此公告。联系人：某某，电话：020-xxxxxxx。
广州市某某有限公司遗失营业执照正本副本，统一社会信用代码914401xxxxxxxxxx，声明作废。本公司股东会决议，将注册资本减少，请债权人自本公告之日起四十五日内向本公司申报债权，特此公告。联系人：某某，电话：020-xxxxxxx。
